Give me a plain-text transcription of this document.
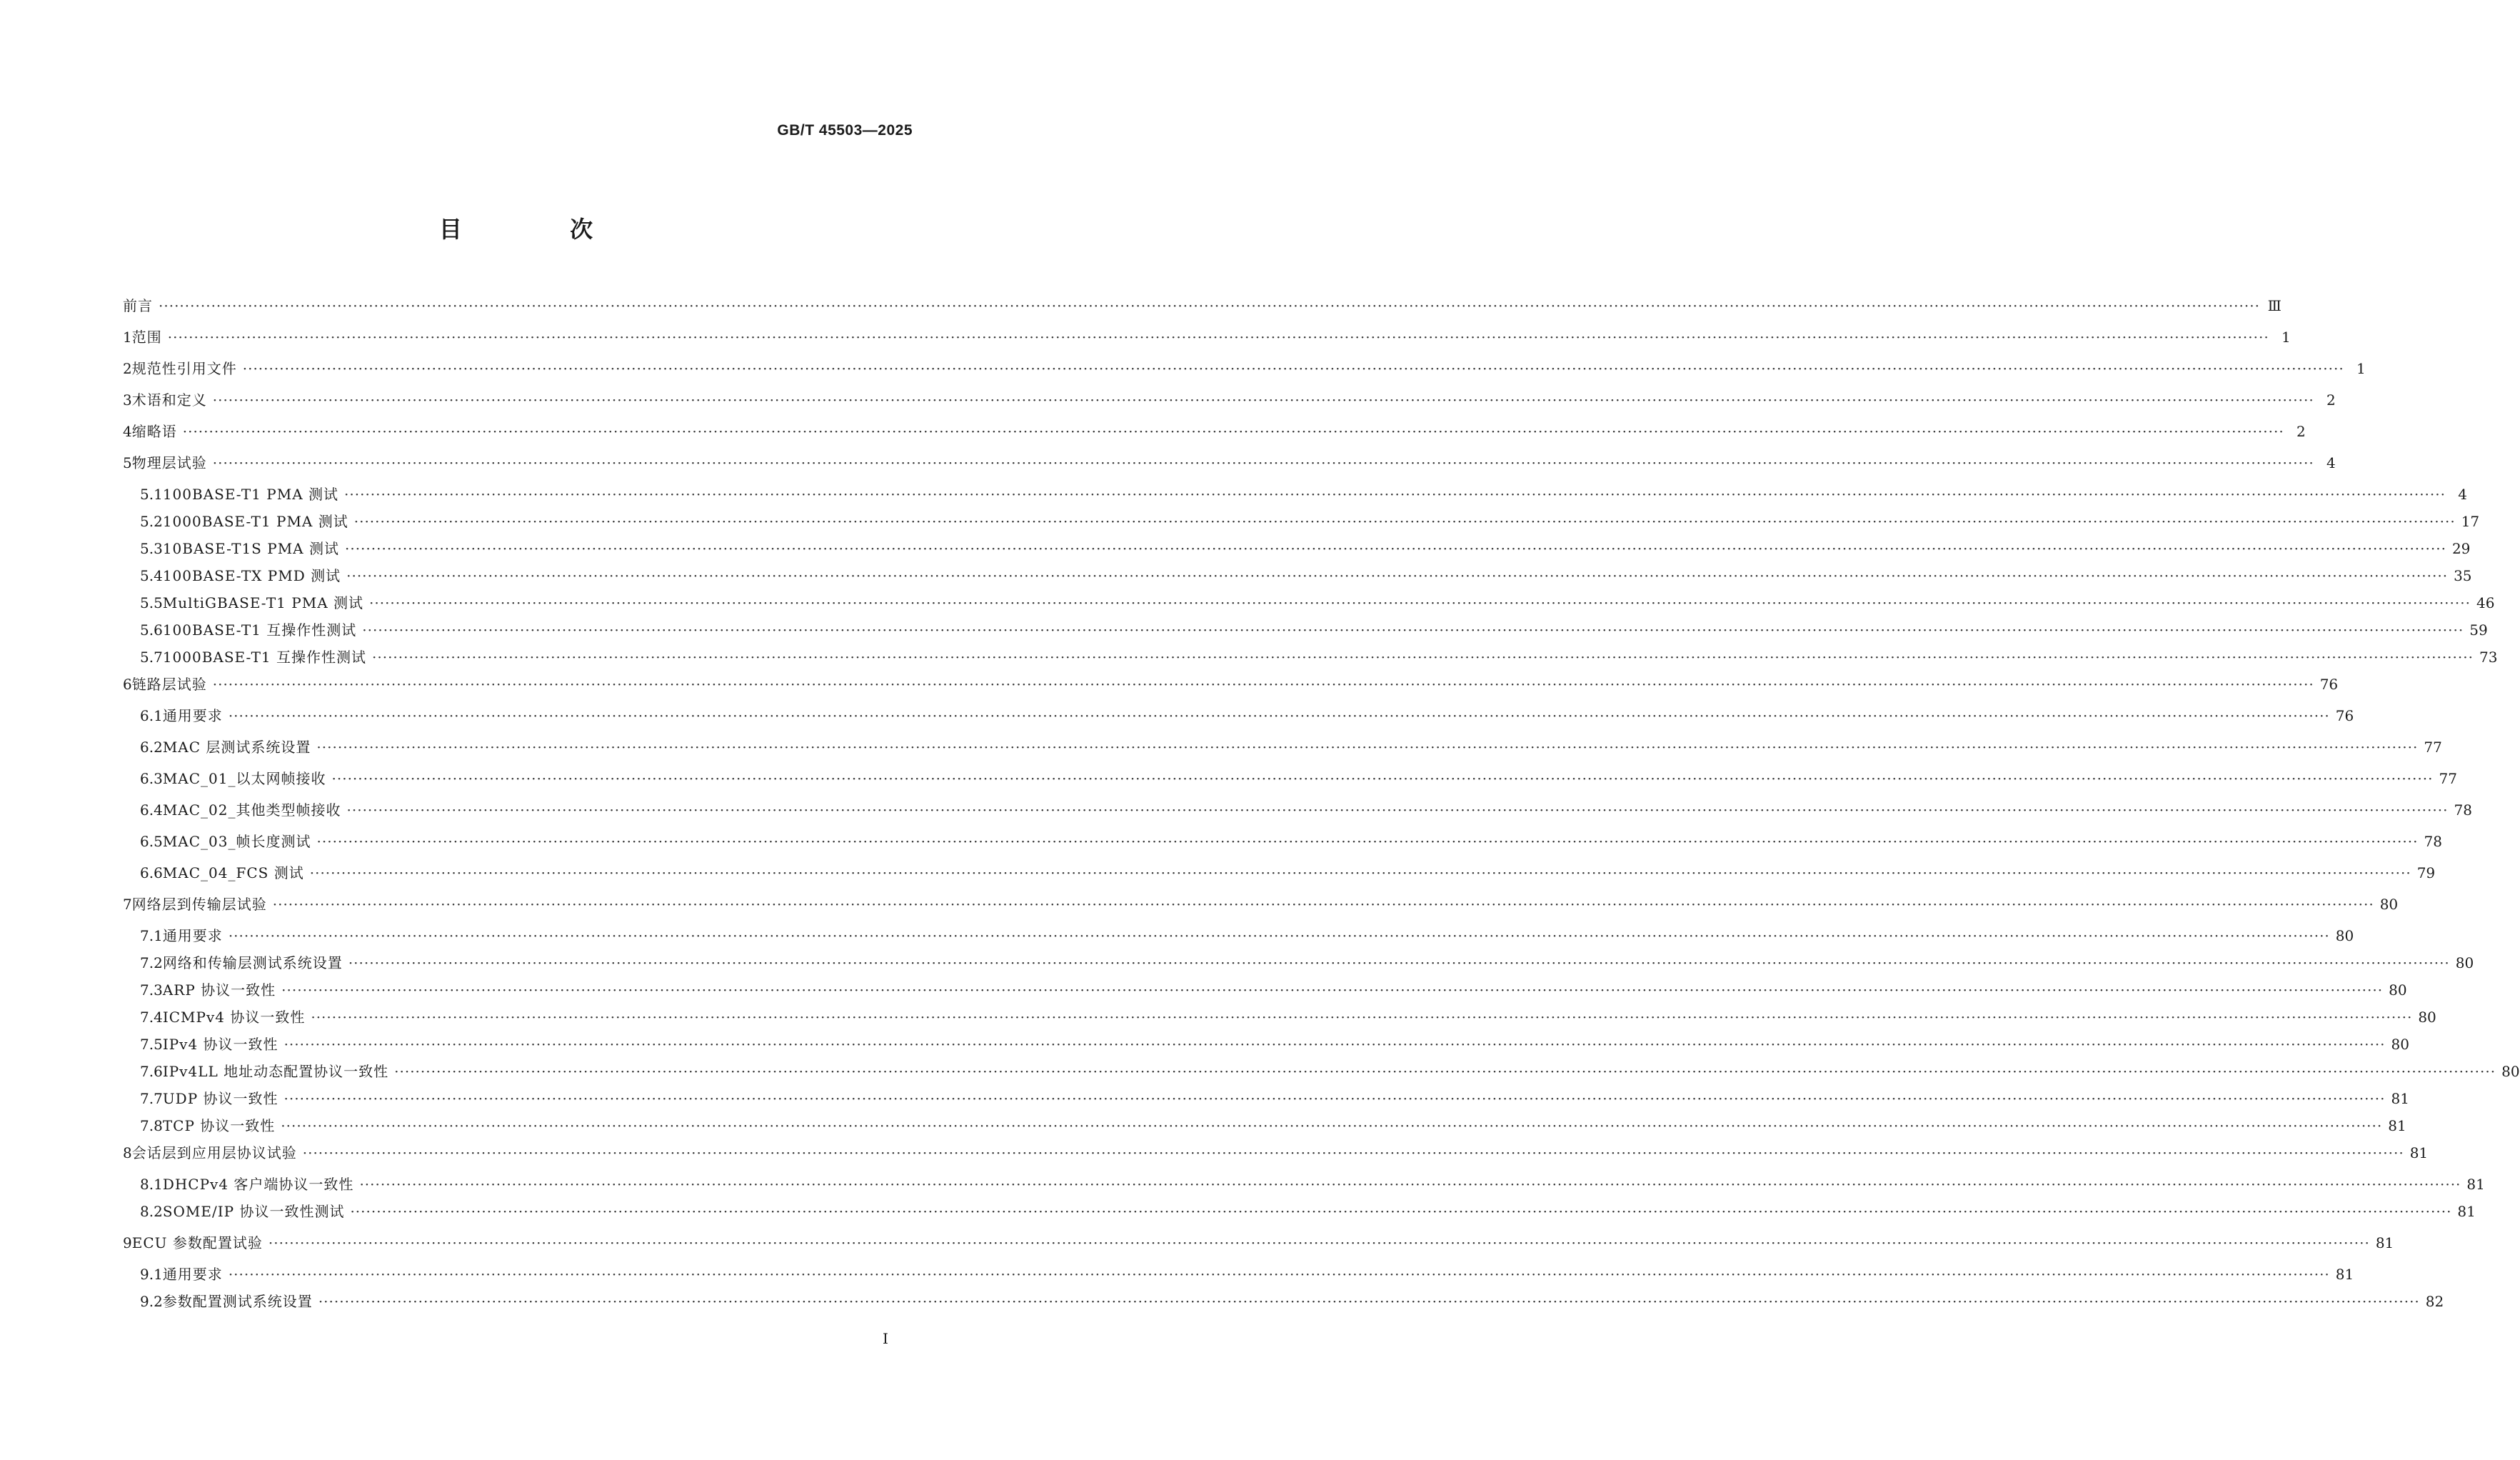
GB/T 45503—2025
目 次
前言 ················································································································································································································································································································································································································ Ⅲ
1 范围 ················································································································································································································································································································································································································ 1
2 规范性引用文件 ················································································································································································································································································································································································································ 1
3 术语和定义 ················································································································································································································································································································································································································ 2
4 缩略语 ················································································································································································································································································································································································································ 2
5 物理层试验 ················································································································································································································································································································································································································ 4
5.1 100BASE-T1 PMA 测试 ················································································································································································································································································································································································································ 4
5.2 1000BASE-T1 PMA 测试 ················································································································································································································································································································································································································ 17
5.3 10BASE-T1S PMA 测试 ················································································································································································································································································································································································································ 29
5.4 100BASE-TX PMD 测试 ················································································································································································································································································································································································································ 35
5.5 MultiGBASE-T1 PMA 测试 ················································································································································································································································································································································································································ 46
5.6 100BASE-T1 互操作性测试 ················································································································································································································································································································································································································ 59
5.7 1000BASE-T1 互操作性测试 ················································································································································································································································································································································································································ 73
6 链路层试验 ················································································································································································································································································································································································································ 76
6.1 通用要求 ················································································································································································································································································································································································································ 76
6.2 MAC 层测试系统设置 ················································································································································································································································································································································································································ 77
6.3 MAC_01_以太网帧接收 ················································································································································································································································································································································································································ 77
6.4 MAC_02_其他类型帧接收 ················································································································································································································································································································································································································ 78
6.5 MAC_03_帧长度测试 ················································································································································································································································································································································································································ 78
6.6 MAC_04_FCS 测试 ················································································································································································································································································································································································································ 79
7 网络层到传输层试验 ················································································································································································································································································································································································································ 80
7.1 通用要求 ················································································································································································································································································································································································································ 80
7.2 网络和传输层测试系统设置 ················································································································································································································································································································································································································ 80
7.3 ARP 协议一致性 ················································································································································································································································································································································································································ 80
7.4 ICMPv4 协议一致性 ················································································································································································································································································································································································································ 80
7.5 IPv4 协议一致性 ················································································································································································································································································································································································································ 80
7.6 IPv4LL 地址动态配置协议一致性 ················································································································································································································································································································································································································ 80
7.7 UDP 协议一致性 ················································································································································································································································································································································································································ 81
7.8 TCP 协议一致性 ················································································································································································································································································································································································································ 81
8 会话层到应用层协议试验 ················································································································································································································································································································································································································ 81
8.1 DHCPv4 客户端协议一致性 ················································································································································································································································································································································································································ 81
8.2 SOME/IP 协议一致性测试 ················································································································································································································································································································································································································ 81
9 ECU 参数配置试验 ················································································································································································································································································································································································································ 81
9.1 通用要求 ················································································································································································································································································································································································································ 81
9.2 参数配置测试系统设置 ················································································································································································································································································································································································································ 82
I
